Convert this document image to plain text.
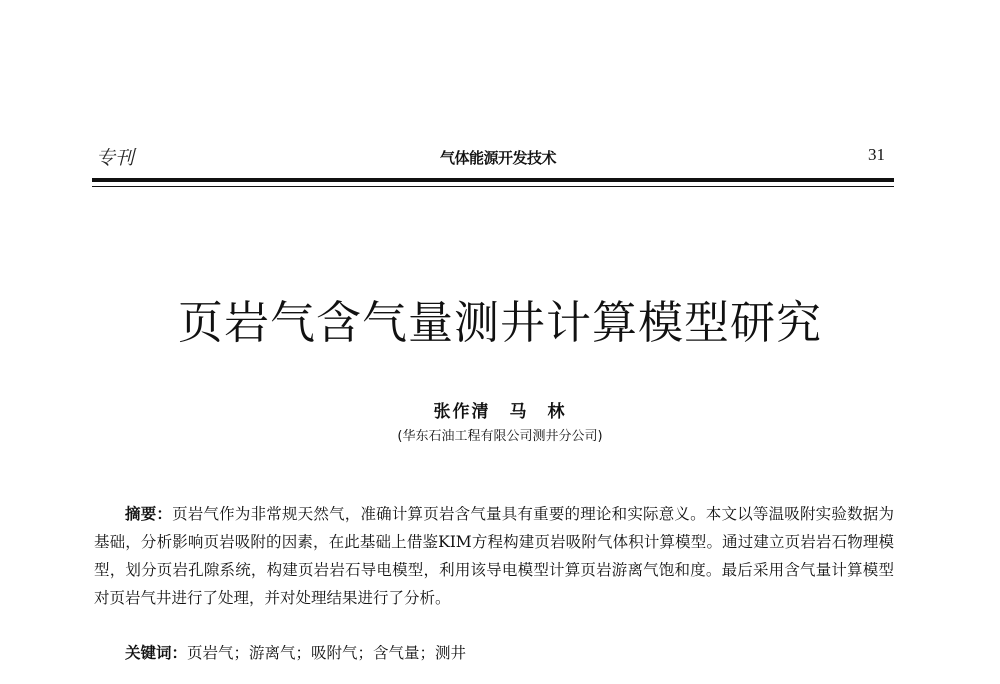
专刊	气体能源开发技术	31
页岩气含气量测井计算模型研究
张作清　马　林
(华东石油工程有限公司测井分公司)

摘要：页岩气作为非常规天然气，准确计算页岩含气量具有重要的理论和实际意义。本文以等温吸附实验数据为基础，分析影响页岩吸附的因素，在此基础上借鉴KIM方程构建页岩吸附气体积计算模型。通过建立页岩岩石物理模型，划分页岩孔隙系统，构建页岩岩石导电模型，利用该导电模型计算页岩游离气饱和度。最后采用含气量计算模型对页岩气井进行了处理，并对处理结果进行了分析。

关键词：页岩气；游离气；吸附气；含气量；测井
